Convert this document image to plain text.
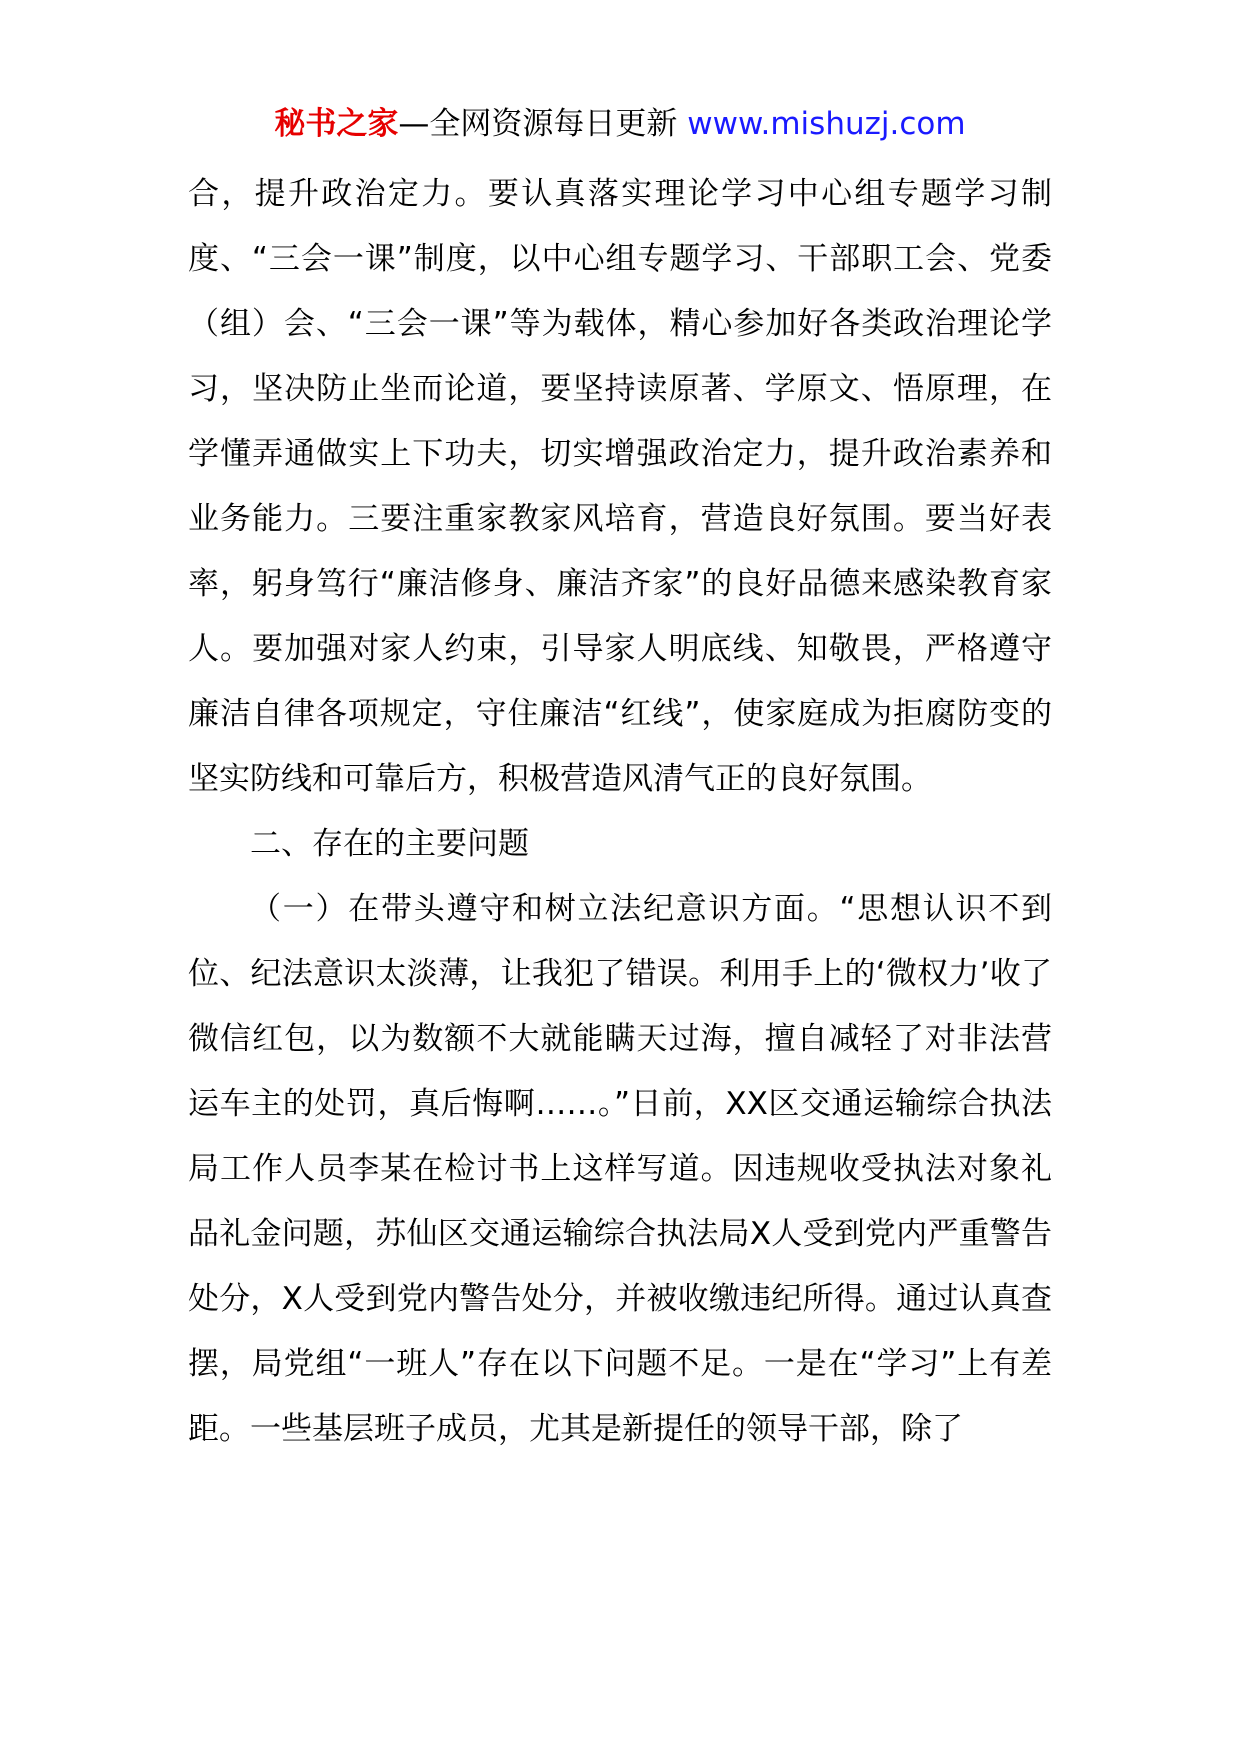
秘书之家—全网资源每日更新 www.mishuzj.com

合，提升政治定力。要认真落实理论学习中心组专题学习制度、“三会一课”制度，以中心组专题学习、干部职工会、党委（组）会、“三会一课”等为载体，精心参加好各类政治理论学习，坚决防止坐而论道，要坚持读原著、学原文、悟原理，在学懂弄通做实上下功夫，切实增强政治定力，提升政治素养和业务能力。三要注重家教家风培育，营造良好氛围。要当好表率，躬身笃行“廉洁修身、廉洁齐家”的良好品德来感染教育家人。要加强对家人约束，引导家人明底线、知敬畏，严格遵守廉洁自律各项规定，守住廉洁“红线”，使家庭成为拒腐防变的坚实防线和可靠后方，积极营造风清气正的良好氛围。

二、存在的主要问题

（一）在带头遵守和树立法纪意识方面。“思想认识不到位、纪法意识太淡薄，让我犯了错误。利用手上的‘微权力’收了微信红包，以为数额不大就能瞒天过海，擅自减轻了对非法营运车主的处罚，真后悔啊……。”日前，XX区交通运输综合执法局工作人员李某在检讨书上这样写道。因违规收受执法对象礼品礼金问题，苏仙区交通运输综合执法局X人受到党内严重警告处分，X人受到党内警告处分，并被收缴违纪所得。通过认真查摆，局党组“一班人”存在以下问题不足。一是在“学习”上有差距。一些基层班子成员，尤其是新提任的领导干部，除了
